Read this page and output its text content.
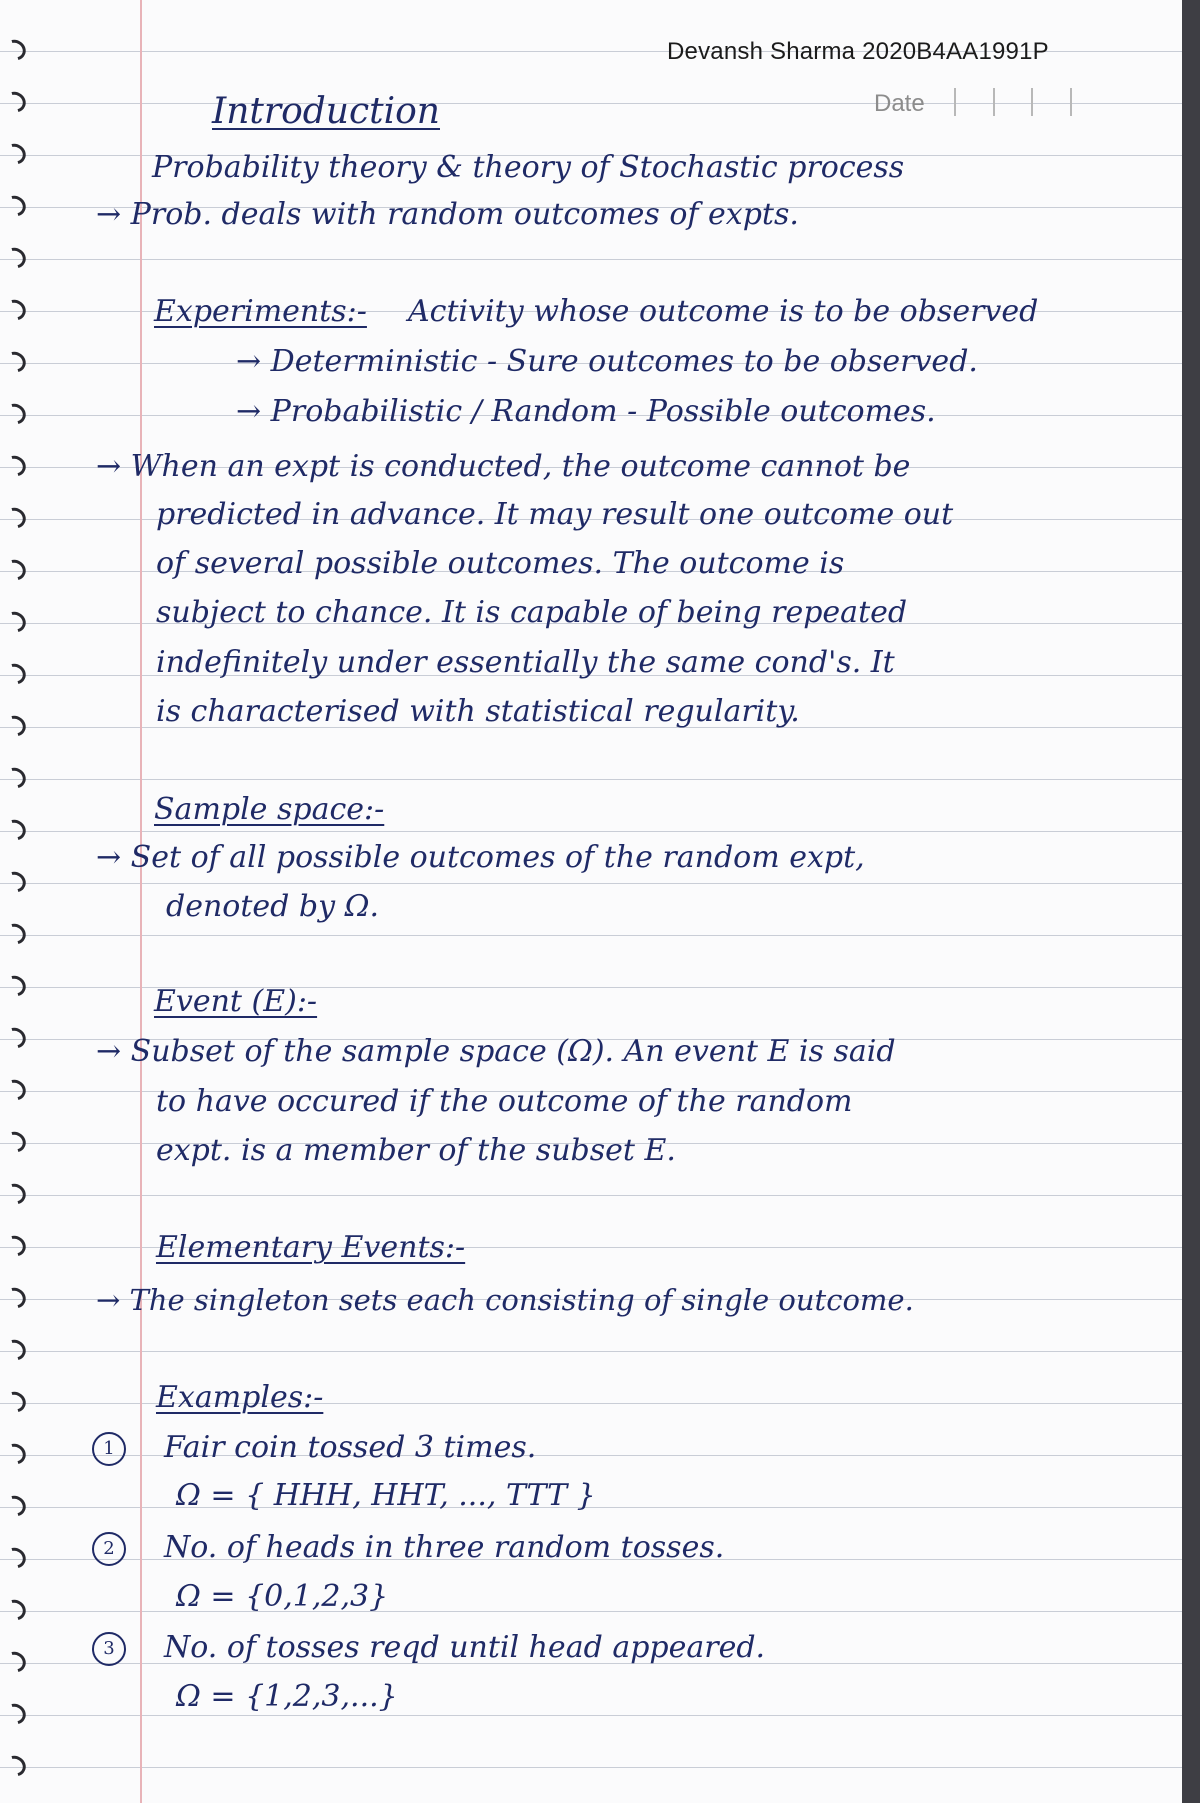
Devansh Sharma 2020B4AA1991P
Date
Introduction
Probability theory & theory of Stochastic process
→ Prob. deals with random outcomes of expts.
Experiments:- Activity whose outcome is to be observed
→ Deterministic - Sure outcomes to be observed.
→ Probabilistic / Random - Possible outcomes.
→ When an expt is conducted, the outcome cannot be
predicted in advance. It may result one outcome out
of several possible outcomes. The outcome is
subject to chance. It is capable of being repeated
indefinitely under essentially the same cond's. It
is characterised with statistical regularity.
Sample space:-
→ Set of all possible outcomes of the random expt,
denoted by Ω.
Event (E):-
→ Subset of the sample space (Ω). An event E is said
to have occured if the outcome of the random
expt. is a member of the subset E.
Elementary Events:-
→ The singleton sets each consisting of single outcome.
Examples:-
1	Fair coin tossed 3 times.
Ω = { HHH, HHT, ..., TTT }
2	No. of heads in three random tosses.
Ω = {0,1,2,3}
3	No. of tosses reqd until head appeared.
Ω = {1,2,3,...}
